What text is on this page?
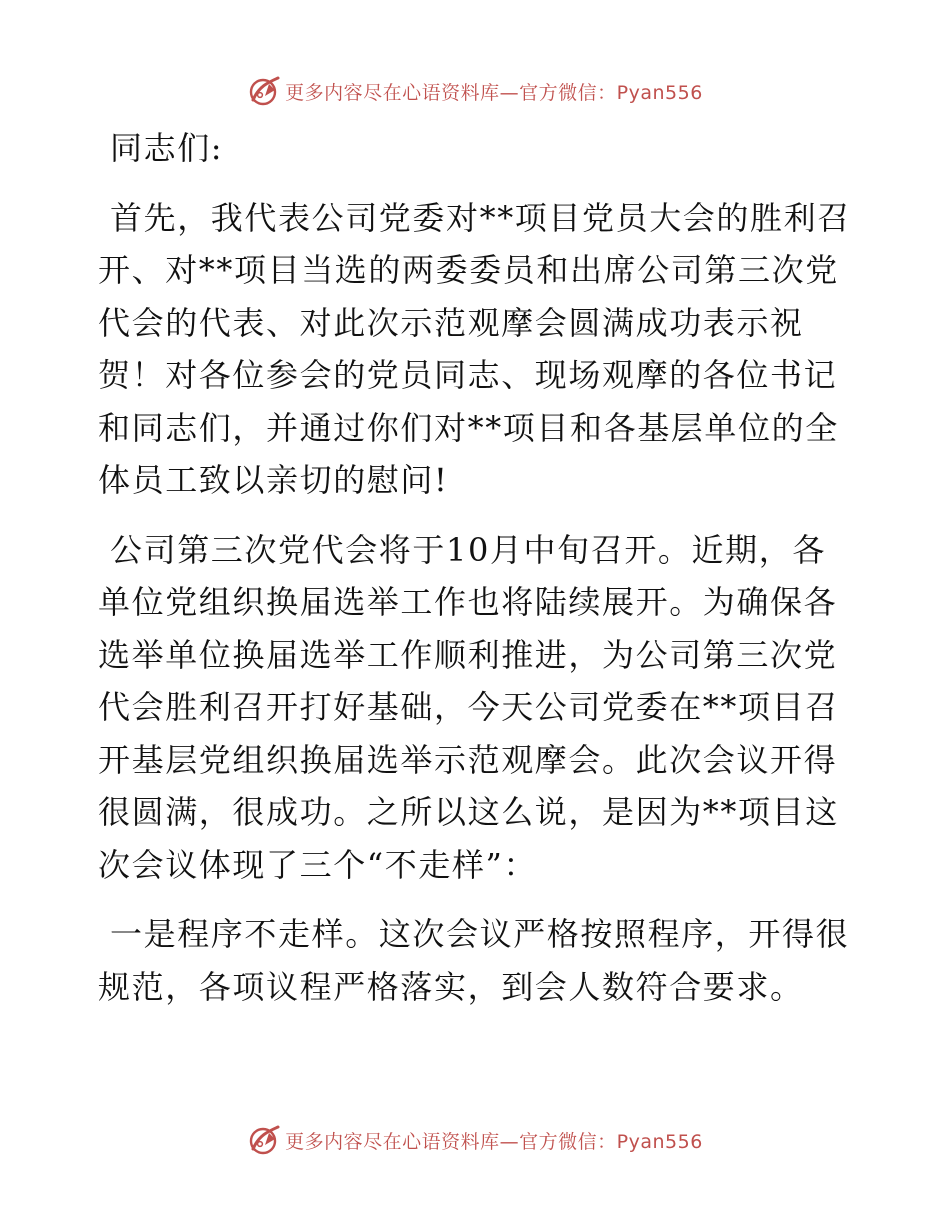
更多内容尽在心语资料库—官方微信：Pyan556

同志们:

首先，我代表公司党委对**项目党员大会的胜利召开、对**项目当选的两委委员和出席公司第三次党代会的代表、对此次示范观摩会圆满成功表示祝贺！对各位参会的党员同志、现场观摩的各位书记和同志们，并通过你们对**项目和各基层单位的全体员工致以亲切的慰问!

公司第三次党代会将于10月中旬召开。近期，各单位党组织换届选举工作也将陆续展开。为确保各选举单位换届选举工作顺利推进，为公司第三次党代会胜利召开打好基础，今天公司党委在**项目召开基层党组织换届选举示范观摩会。此次会议开得很圆满，很成功。之所以这么说，是因为**项目这次会议体现了三个“不走样”：

一是程序不走样。这次会议严格按照程序，开得很规范，各项议程严格落实，到会人数符合要求。

更多内容尽在心语资料库—官方微信：Pyan556
